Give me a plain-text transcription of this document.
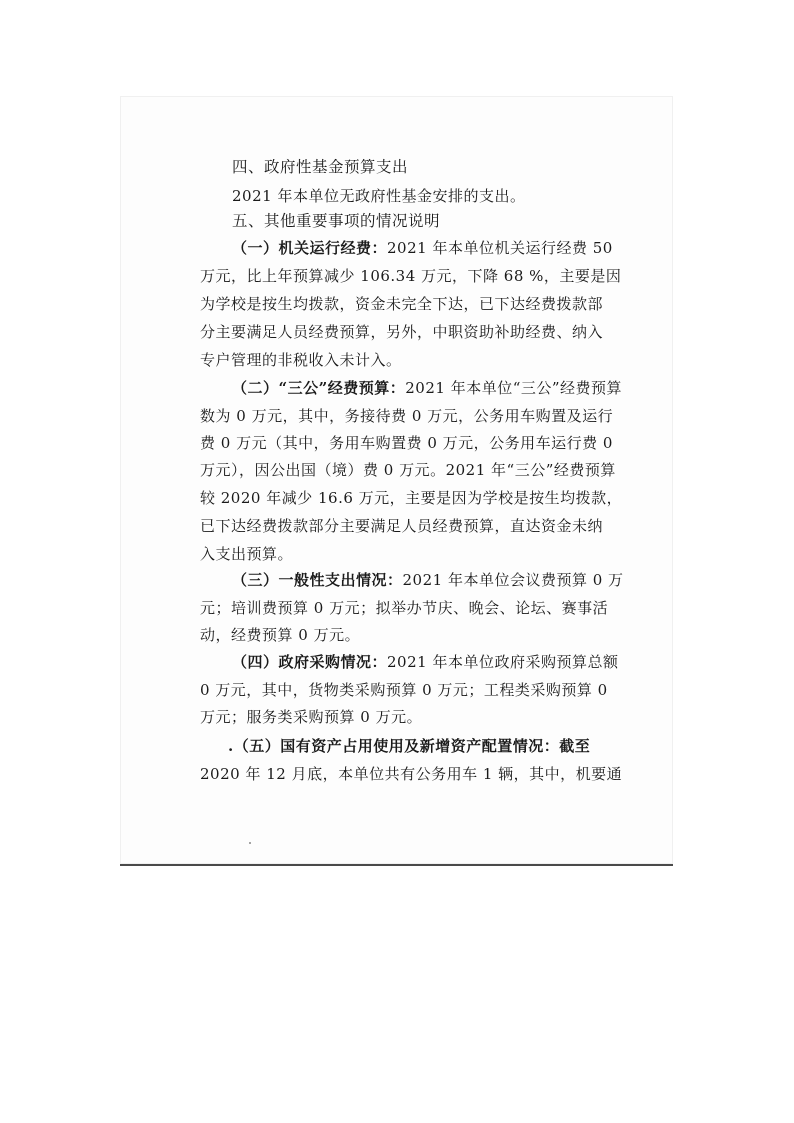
四、政府性基金预算支出
2021 年本单位无政府性基金安排的支出。
五、其他重要事项的情况说明
（一）机关运行经费：2021 年本单位机关运行经费 50
万元，比上年预算减少 106.34 万元，下降 68 %，主要是因
为学校是按生均拨款，资金未完全下达，已下达经费拨款部
分主要满足人员经费预算，另外，中职资助补助经费、纳入
专户管理的非税收入未计入。
（二）“三公”经费预算：2021 年本单位“三公”经费预算
数为 0 万元，其中，务接待费 0 万元，公务用车购置及运行
费 0 万元（其中，务用车购置费 0 万元，公务用车运行费 0
万元），因公出国（境）费 0 万元。2021 年“三公”经费预算
较 2020 年减少 16.6 万元，主要是因为学校是按生均拨款，
已下达经费拨款部分主要满足人员经费预算，直达资金未纳
入支出预算。
（三）一般性支出情况：2021 年本单位会议费预算 0 万
元；培训费预算 0 万元；拟举办节庆、晚会、论坛、赛事活
动，经费预算 0 万元。
（四）政府采购情况：2021 年本单位政府采购预算总额
0 万元，其中，货物类采购预算 0 万元；工程类采购预算 0
万元；服务类采购预算 0 万元。
.（五）国有资产占用使用及新增资产配置情况：截至
2020 年 12 月底，本单位共有公务用车 1 辆，其中，机要通
